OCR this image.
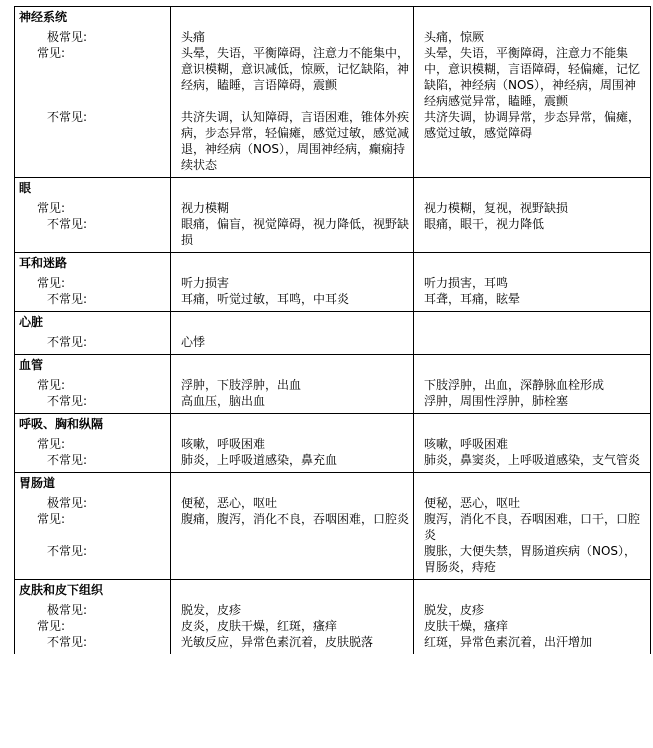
神经系统		
极常见:	头痛	头痛，惊厥
常见:	头晕，失语，平衡障碍，注意力不能集中，意识模糊，意识减低，惊厥，记忆缺陷，神经病，瞌睡，言语障碍，震颤	头晕，失语，平衡障碍，注意力不能集中，意识模糊，言语障碍，轻偏瘫，记忆缺陷，神经病（NOS），神经病，周围神经病感觉异常，瞌睡，震颤
不常见:	共济失调，认知障碍，言语困难，锥体外疾病，步态异常，轻偏瘫，感觉过敏，感觉减退，神经病（NOS），周围神经病，癫痫持续状态	共济失调，协调异常，步态异常，偏瘫，感觉过敏，感觉障碍
眼		
常见:	视力模糊	视力模糊，复视，视野缺损
不常见:	眼痛，偏盲，视觉障碍，视力降低，视野缺损	眼痛，眼干，视力降低
耳和迷路		
常见:	听力损害	听力损害，耳鸣
不常见:	耳痛，听觉过敏，耳鸣，中耳炎	耳聋，耳痛，眩晕
心脏		
不常见:	心悸	
血管		
常见:	浮肿，下肢浮肿，出血	下肢浮肿，出血，深静脉血栓形成
不常见:	高血压，脑出血	浮肿，周围性浮肿，肺栓塞
呼吸、胸和纵隔		
常见:	咳嗽，呼吸困难	咳嗽，呼吸困难
不常见:	肺炎，上呼吸道感染，鼻充血	肺炎，鼻窦炎，上呼吸道感染，支气管炎
胃肠道		
极常见:	便秘，恶心，呕吐	便秘，恶心，呕吐
常见:	腹痛，腹泻，消化不良，吞咽困难，口腔炎	腹泻，消化不良，吞咽困难，口干，口腔炎
不常见:		腹胀，大便失禁，胃肠道疾病（NOS），胃肠炎，痔疮
皮肤和皮下组织		
极常见:	脱发，皮疹	脱发，皮疹
常见:	皮炎，皮肤干燥，红斑，瘙痒	皮肤干燥，瘙痒
不常见:	光敏反应，异常色素沉着，皮肤脱落	红斑，异常色素沉着，出汗增加
